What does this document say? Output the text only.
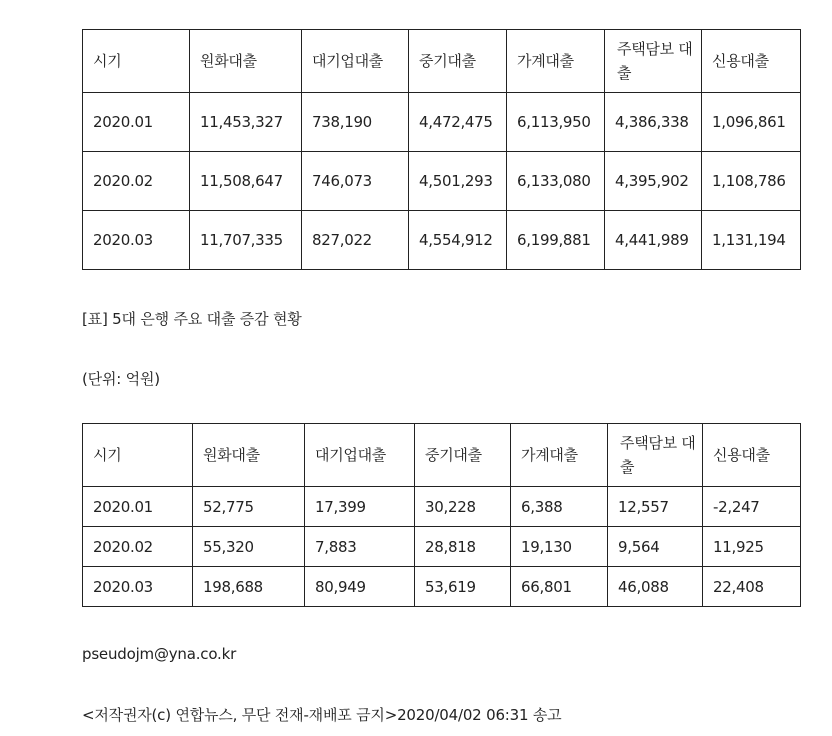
시기	원화대출	대기업대출	중기대출	가계대출	주택담보 대출	신용대출
2020.01	11,453,327	738,190	4,472,475	6,113,950	4,386,338	1,096,861
2020.02	11,508,647	746,073	4,501,293	6,133,080	4,395,902	1,108,786
2020.03	11,707,335	827,022	4,554,912	6,199,881	4,441,989	1,131,194
[표] 5대 은행 주요 대출 증감 현황
(단위: 억원)
시기	원화대출	대기업대출	중기대출	가계대출	주택담보 대출	신용대출
2020.01	52,775	17,399	30,228	6,388	12,557	-2,247
2020.02	55,320	7,883	28,818	19,130	9,564	11,925
2020.03	198,688	80,949	53,619	66,801	46,088	22,408
pseudojm@yna.co.kr
<저작권자(c) 연합뉴스, 무단 전재-재배포 금지>2020/04/02 06:31 송고
